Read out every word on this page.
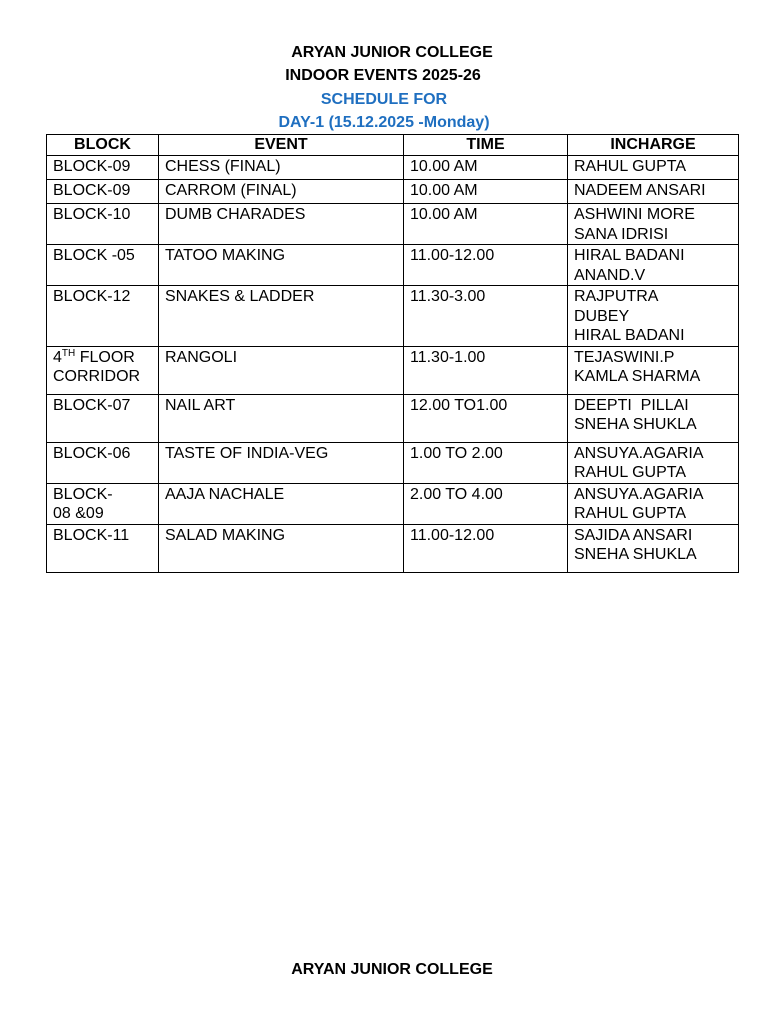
ARYAN JUNIOR COLLEGE
INDOOR EVENTS 2025-26
SCHEDULE FOR
DAY-1 (15.12.2025 -Monday)
BLOCK	EVENT	TIME	INCHARGE

BLOCK-09	CHESS (FINAL)	10.00 AM	RAHUL GUPTA

BLOCK-09	CARROM (FINAL)	10.00 AM	NADEEM ANSARI

BLOCK-10	DUMB CHARADES	10.00 AM	ASHWINI MORE
SANA IDRISI

BLOCK -05	TATOO MAKING	11.00-12.00	HIRAL BADANI
ANAND.V

BLOCK-12	SNAKES & LADDER	11.30-3.00	RAJPUTRA
DUBEY
HIRAL BADANI

4TH FLOOR
CORRIDOR	RANGOLI	11.30-1.00	TEJASWINI.P
KAMLA SHARMA

BLOCK-07	NAIL ART	12.00 TO1.00	DEEPTI  PILLAI
SNEHA SHUKLA

BLOCK-06	TASTE OF INDIA-VEG	1.00 TO 2.00	ANSUYA.AGARIA
RAHUL GUPTA

BLOCK-
08 &09	AAJA NACHALE	2.00 TO 4.00	ANSUYA.AGARIA
RAHUL GUPTA

BLOCK-11	SALAD MAKING	11.00-12.00	SAJIDA ANSARI
SNEHA SHUKLA
ARYAN JUNIOR COLLEGE
